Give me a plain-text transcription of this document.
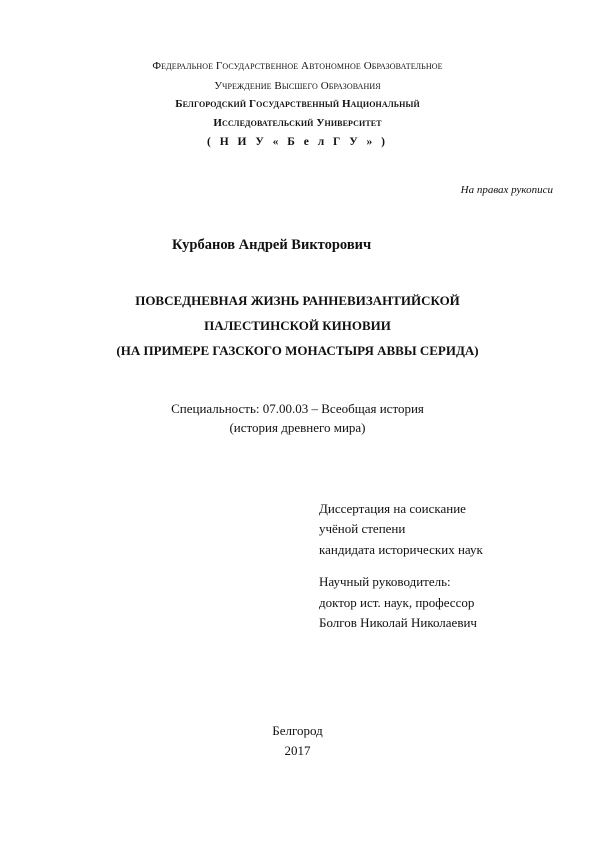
Федеральное Государственное Автономное Образовательное
Учреждение Высшего Образования
Белгородский Государственный Национальный
Исследовательский Университет
( Н И У « Б е л Г У » )
На правах рукописи
Курбанов Андрей Викторович
ПОВСЕДНЕВНАЯ ЖИЗНЬ РАННЕВИЗАНТИЙСКОЙ
ПАЛЕСТИНСКОЙ КИНОВИИ
(НА ПРИМЕРЕ ГАЗСКОГО МОНАСТЫРЯ АВВЫ СЕРИДА)
Специальность: 07.00.03 – Всеобщая история
(история древнего мира)
Диссертация на соискание
учёной степени
кандидата исторических наук
Научный руководитель:
доктор ист. наук, профессор
Болгов Николай Николаевич
Белгород
2017
